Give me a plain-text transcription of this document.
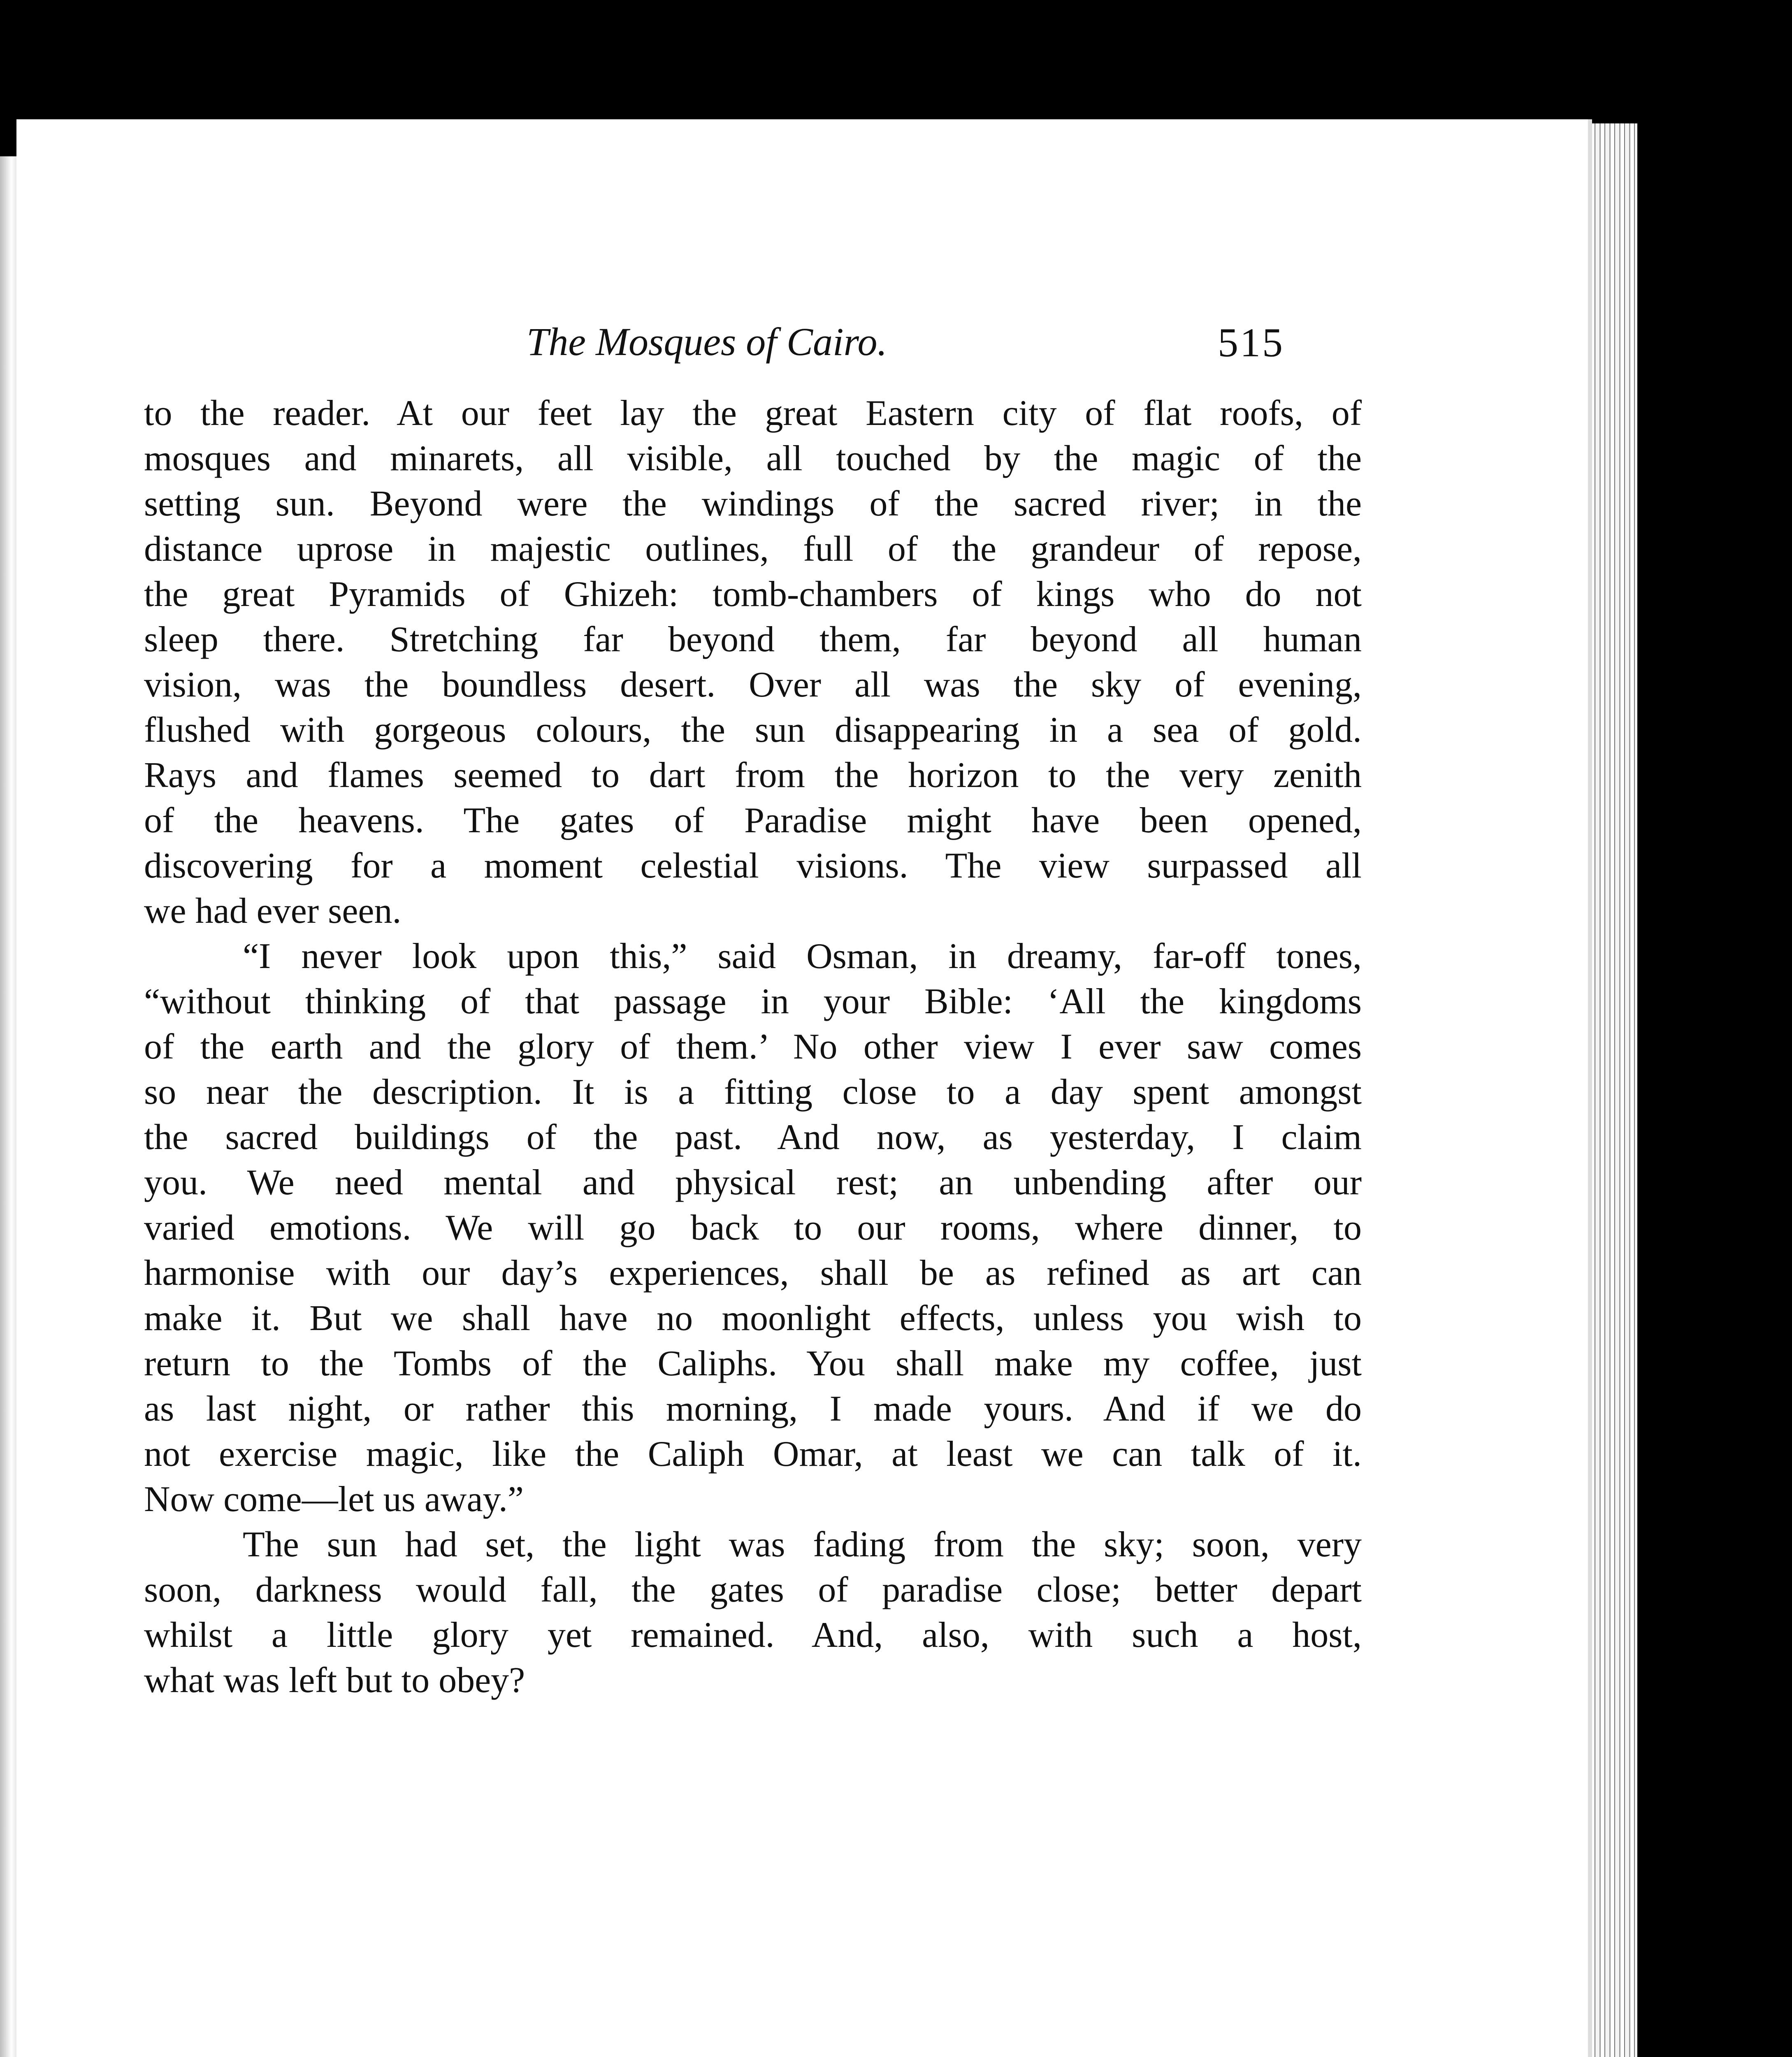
The Mosques of Cairo.	515
to the reader. At our feet lay the great Eastern city of flat roofs, of
mosques and minarets, all visible, all touched by the magic of the
setting sun. Beyond were the windings of the sacred river; in the
distance uprose in majestic outlines, full of the grandeur of repose,
the great Pyramids of Ghizeh: tomb-chambers of kings who do not
sleep there. Stretching far beyond them, far beyond all human
vision, was the boundless desert. Over all was the sky of evening,
flushed with gorgeous colours, the sun disappearing in a sea of gold.
Rays and flames seemed to dart from the horizon to the very zenith
of the heavens. The gates of Paradise might have been opened,
discovering for a moment celestial visions. The view surpassed all
we had ever seen.
“I never look upon this,” said Osman, in dreamy, far-off tones,
“without thinking of that passage in your Bible: ‘All the kingdoms
of the earth and the glory of them.’ No other view I ever saw comes
so near the description. It is a fitting close to a day spent amongst
the sacred buildings of the past. And now, as yesterday, I claim
you. We need mental and physical rest; an unbending after our
varied emotions. We will go back to our rooms, where dinner, to
harmonise with our day’s experiences, shall be as refined as art can
make it. But we shall have no moonlight effects, unless you wish to
return to the Tombs of the Caliphs. You shall make my coffee, just
as last night, or rather this morning, I made yours. And if we do
not exercise magic, like the Caliph Omar, at least we can talk of it.
Now come—let us away.”
The sun had set, the light was fading from the sky; soon, very
soon, darkness would fall, the gates of paradise close; better depart
whilst a little glory yet remained. And, also, with such a host,
what was left but to obey?
